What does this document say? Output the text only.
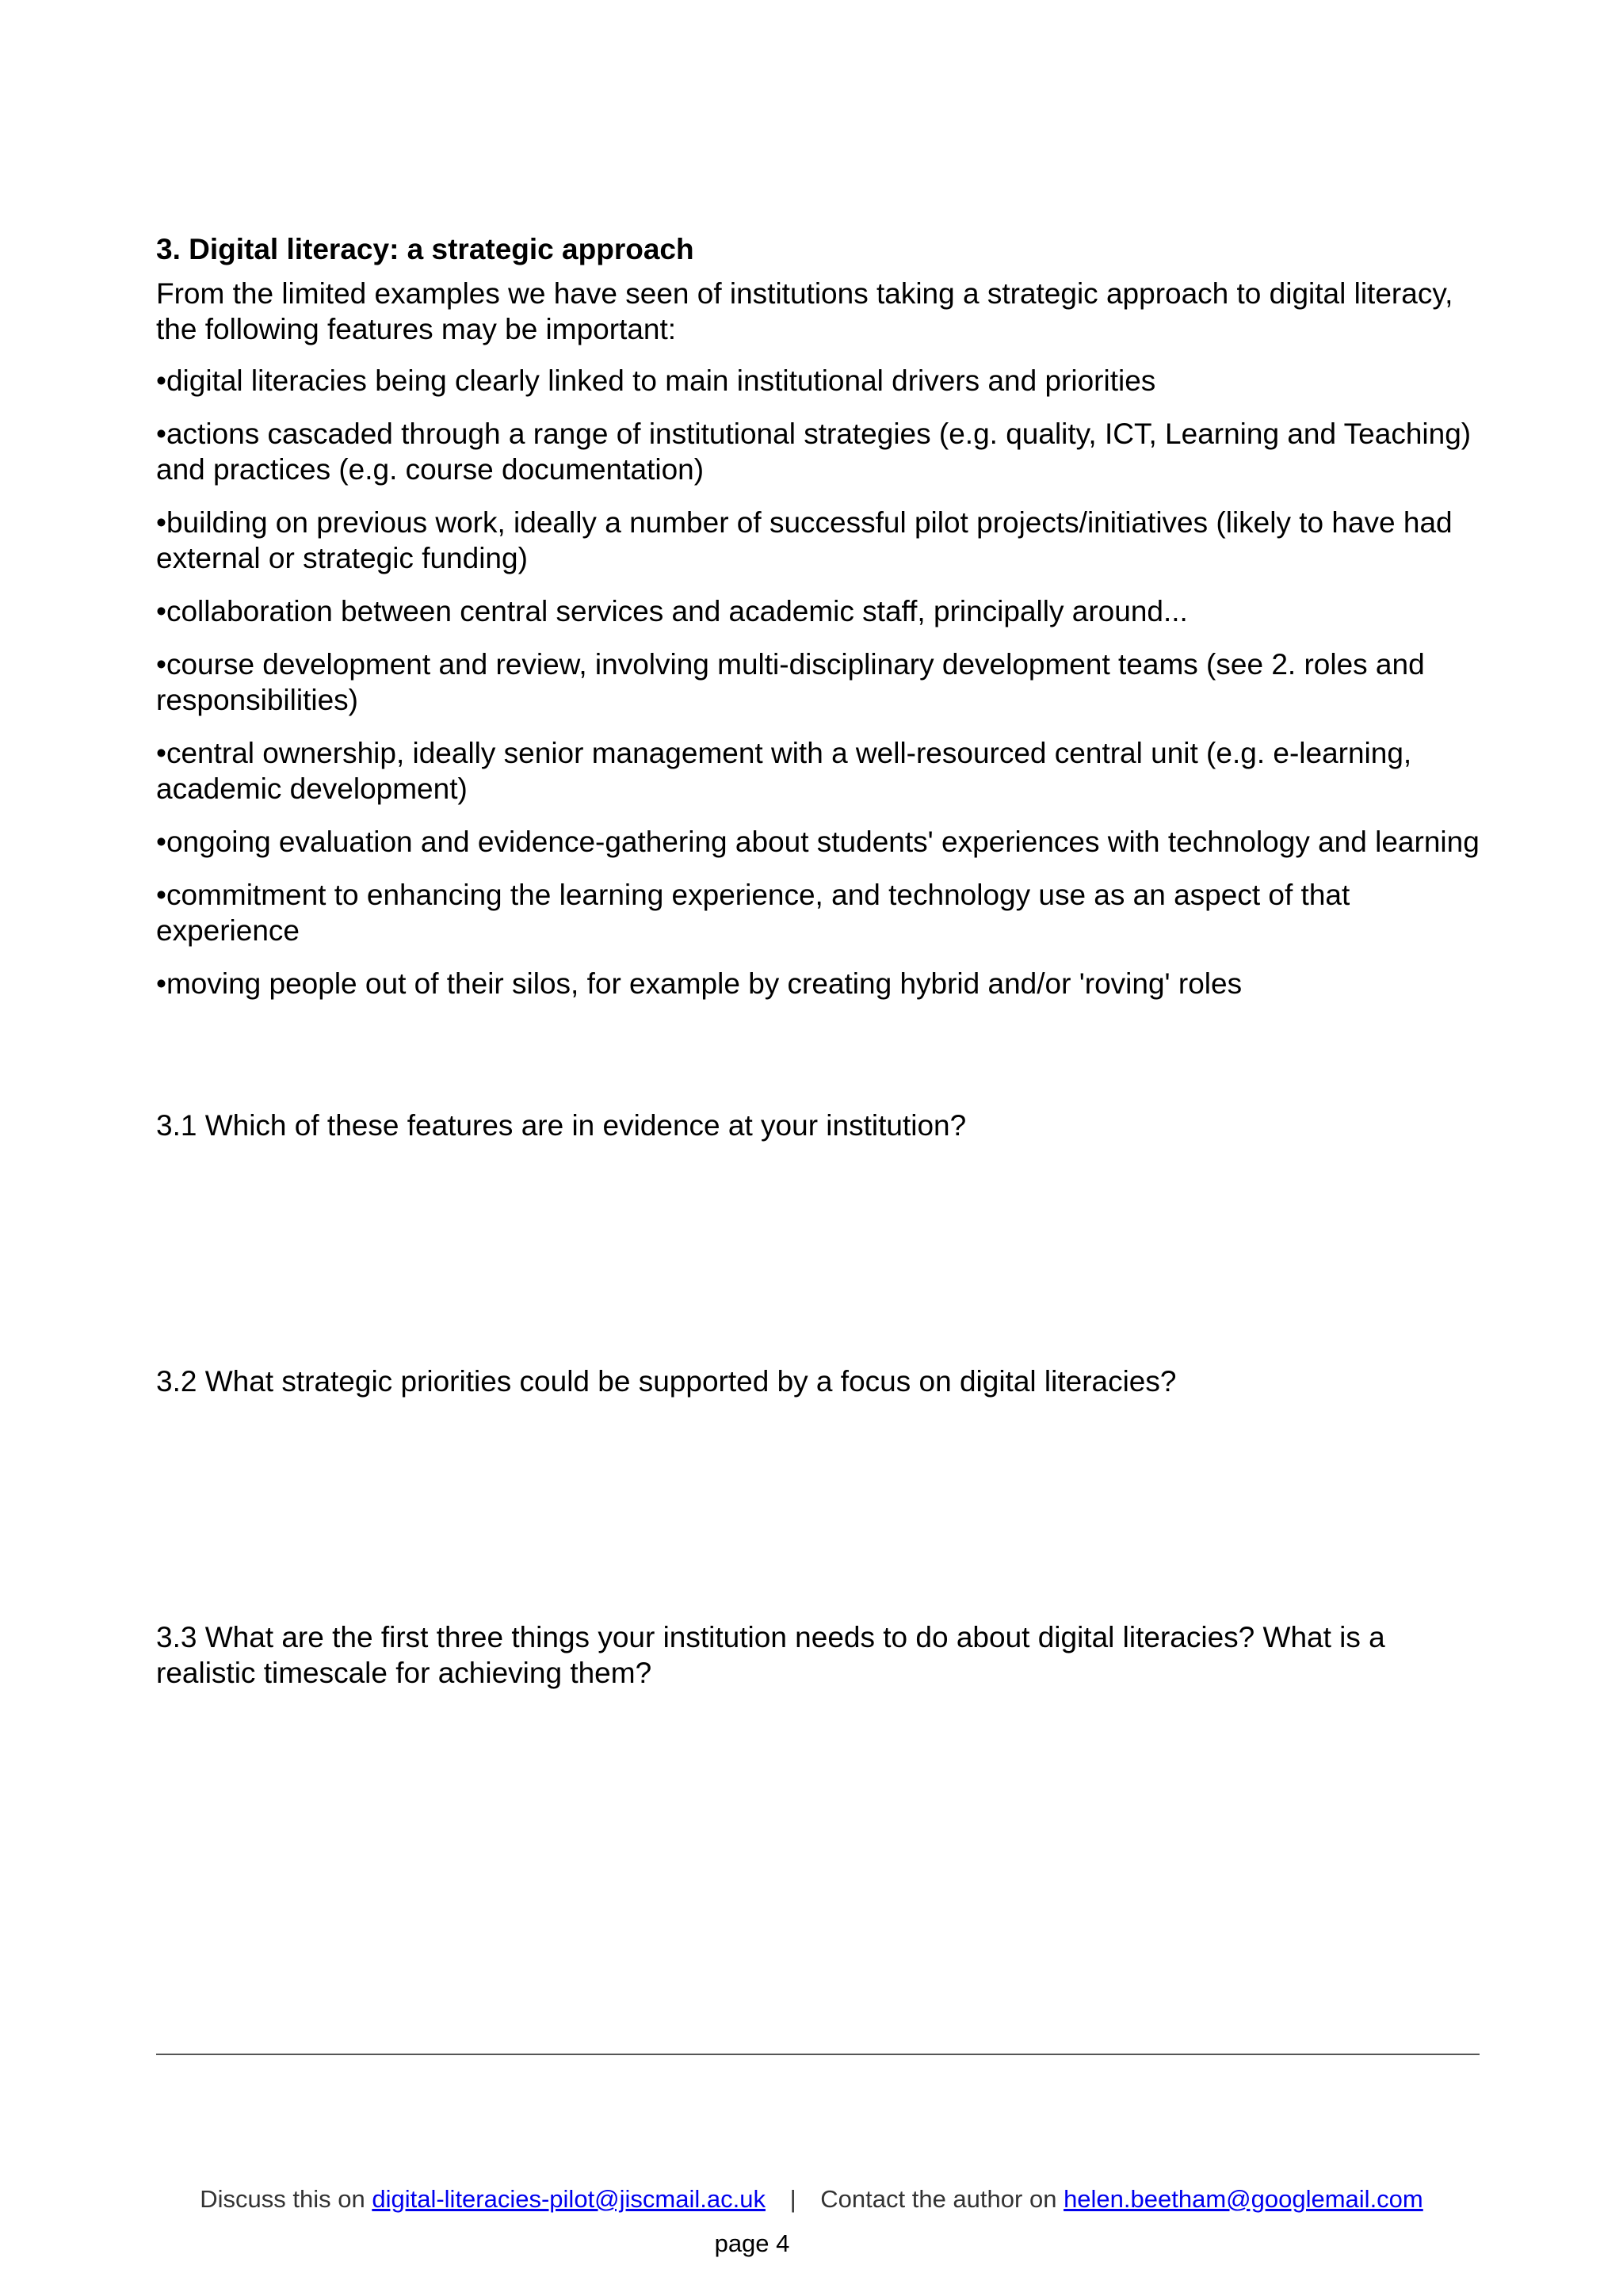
3. Digital literacy: a strategic approach

From the limited examples we have seen of institutions taking a strategic approach to digital literacy, the following features may be important:

•digital literacies being clearly linked to main institutional drivers and priorities
•actions cascaded through a range of institutional strategies (e.g. quality, ICT, Learning and Teaching) and practices (e.g. course documentation)
•building on previous work, ideally a number of successful pilot projects/initiatives (likely to have had external or strategic funding)
•collaboration between central services and academic staff, principally around...
•course development and review, involving multi-disciplinary development teams (see 2. roles and responsibilities)
•central ownership, ideally senior management with a well-resourced central unit (e.g. e-learning, academic development)
•ongoing evaluation and evidence-gathering about students' experiences with technology and learning
•commitment to enhancing the learning experience, and technology use as an aspect of that experience
•moving people out of their silos, for example by creating hybrid and/or 'roving' roles

3.1 Which of these features are in evidence at your institution?

3.2 What strategic priorities could be supported by a focus on digital literacies?

3.3 What are the first three things your institution needs to do about digital literacies? What is a realistic timescale for achieving them?

Discuss this on digital-literacies-pilot@jiscmail.ac.uk | Contact the author on helen.beetham@googlemail.com
page 4
